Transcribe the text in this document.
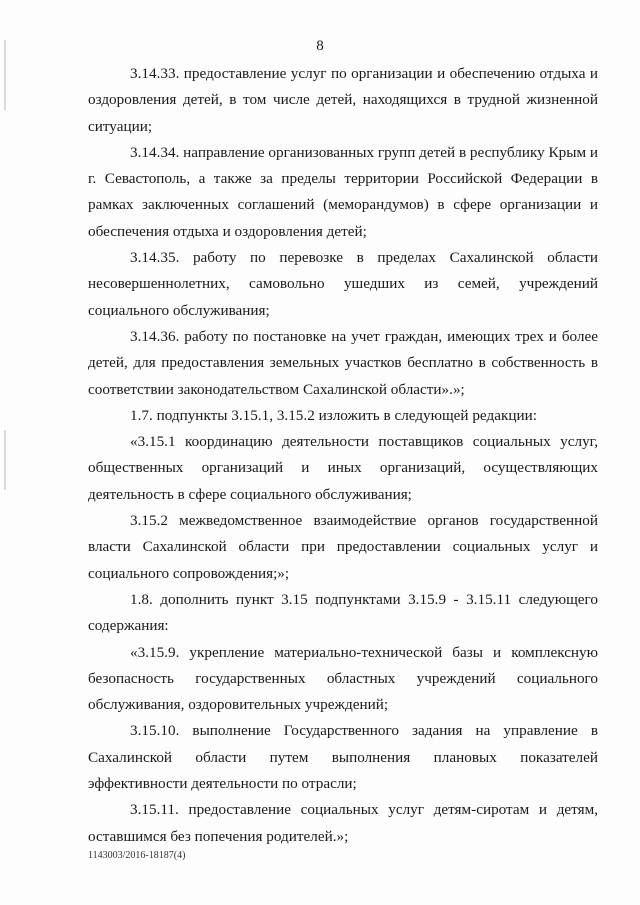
8

3.14.33. предоставление услуг по организации и обеспечению отдыха и оздоровления детей, в том числе детей, находящихся в трудной жизненной ситуации;

3.14.34. направление организованных групп детей в республику Крым и г. Севастополь, а также за пределы территории Российской Федерации в рамках заключенных соглашений (меморандумов) в сфере организации и обеспечения отдыха и оздоровления детей;

3.14.35. работу по перевозке в пределах Сахалинской области несовершеннолетних, самовольно ушедших из семей, учреждений социального обслуживания;

3.14.36. работу по постановке на учет граждан, имеющих трех и более детей, для предоставления земельных участков бесплатно в собственность в соответствии законодательством Сахалинской области».»;

1.7. подпункты 3.15.1, 3.15.2 изложить в следующей редакции:

«3.15.1 координацию деятельности поставщиков социальных услуг, общественных организаций и иных организаций, осуществляющих деятельность в сфере социального обслуживания;

3.15.2 межведомственное взаимодействие органов государственной власти Сахалинской области при предоставлении социальных услуг и социального сопровождения;»;

1.8. дополнить пункт 3.15 подпунктами 3.15.9 - 3.15.11 следующего содержания:

«3.15.9. укрепление материально-технической базы и комплексную безопасность государственных областных учреждений социального обслуживания, оздоровительных учреждений;

3.15.10. выполнение Государственного задания на управление в Сахалинской области путем выполнения плановых показателей эффективности деятельности по отрасли;

3.15.11. предоставление социальных услуг детям-сиротам и детям, оставшимся без попечения родителей.»;

1143003/2016-18187(4)
